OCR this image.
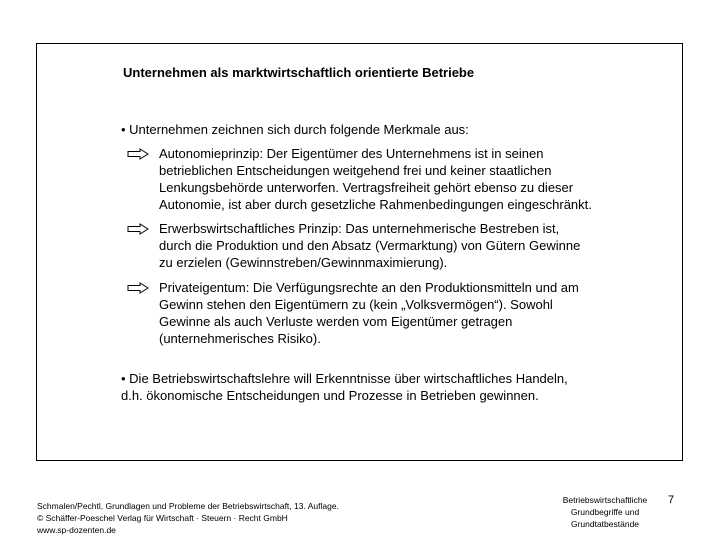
Unternehmen als marktwirtschaftlich orientierte Betriebe
• Unternehmen zeichnen sich durch folgende Merkmale aus:
Autonomieprinzip: Der Eigentümer des Unternehmens ist in seinen
betrieblichen Entscheidungen weitgehend frei und keiner staatlichen
Lenkungsbehörde unterworfen. Vertragsfreiheit gehört ebenso zu dieser
Autonomie, ist aber durch gesetzliche Rahmenbedingungen eingeschränkt.
Erwerbswirtschaftliches Prinzip: Das unternehmerische Bestreben ist,
durch die Produktion und den Absatz (Vermarktung) von Gütern Gewinne
zu erzielen (Gewinnstreben/Gewinnmaximierung).
Privateigentum: Die Verfügungsrechte an den Produktionsmitteln und am
Gewinn stehen den Eigentümern zu (kein „Volksvermögen“). Sowohl
Gewinne als auch Verluste werden vom Eigentümer getragen
(unternehmerisches Risiko).
• Die Betriebswirtschaftslehre will Erkenntnisse über wirtschaftliches Handeln,
d.h. ökonomische Entscheidungen und Prozesse in Betrieben gewinnen.
Schmalen/Pechtl, Grundlagen und Probleme der Betriebswirtschaft, 13. Auflage.
© Schäffer-Poeschel Verlag für Wirtschaft · Steuern · Recht GmbH
www.sp-dozenten.de
Betriebswirtschaftliche
Grundbegriffe und
Grundtatbestände
7
